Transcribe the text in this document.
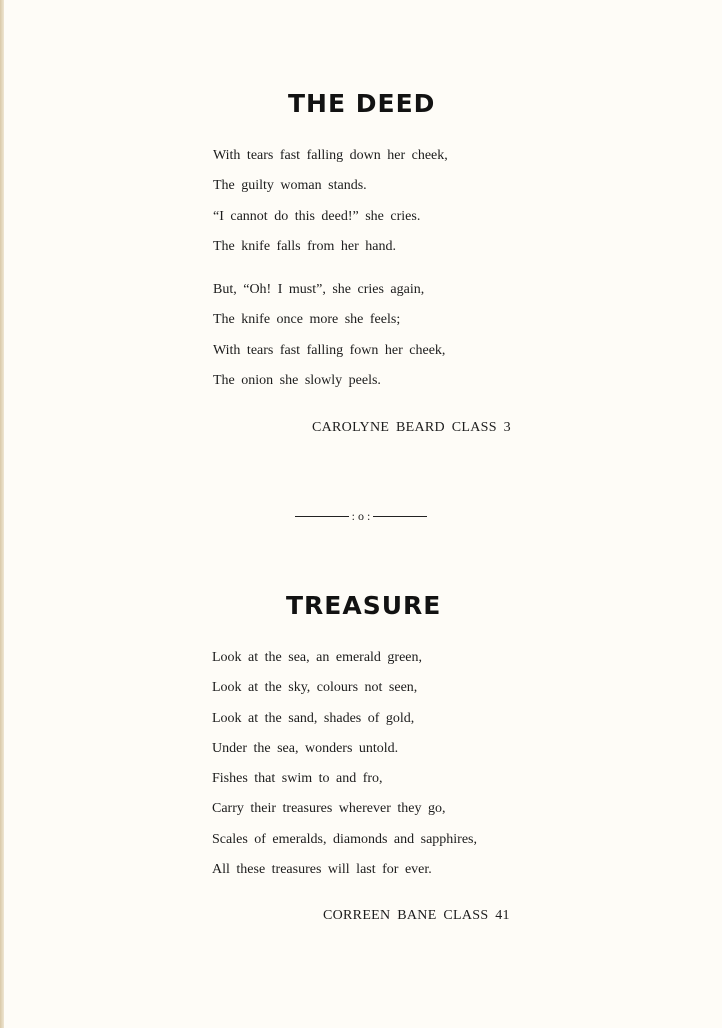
THE DEED
With tears fast falling down her cheek,
The guilty woman stands.
“I cannot do this deed!” she cries.
The knife falls from her hand.
But, “Oh! I must”, she cries again,
The knife once more she feels;
With tears fast falling fown her cheek,
The onion she slowly peels.
CAROLYNE BEARD CLASS 3
: o :
TREASURE
Look at the sea, an emerald green,
Look at the sky, colours not seen,
Look at the sand, shades of gold,
Under the sea, wonders untold.
Fishes that swim to and fro,
Carry their treasures wherever they go,
Scales of emeralds, diamonds and sapphires,
All these treasures will last for ever.
CORREEN BANE CLASS 41
